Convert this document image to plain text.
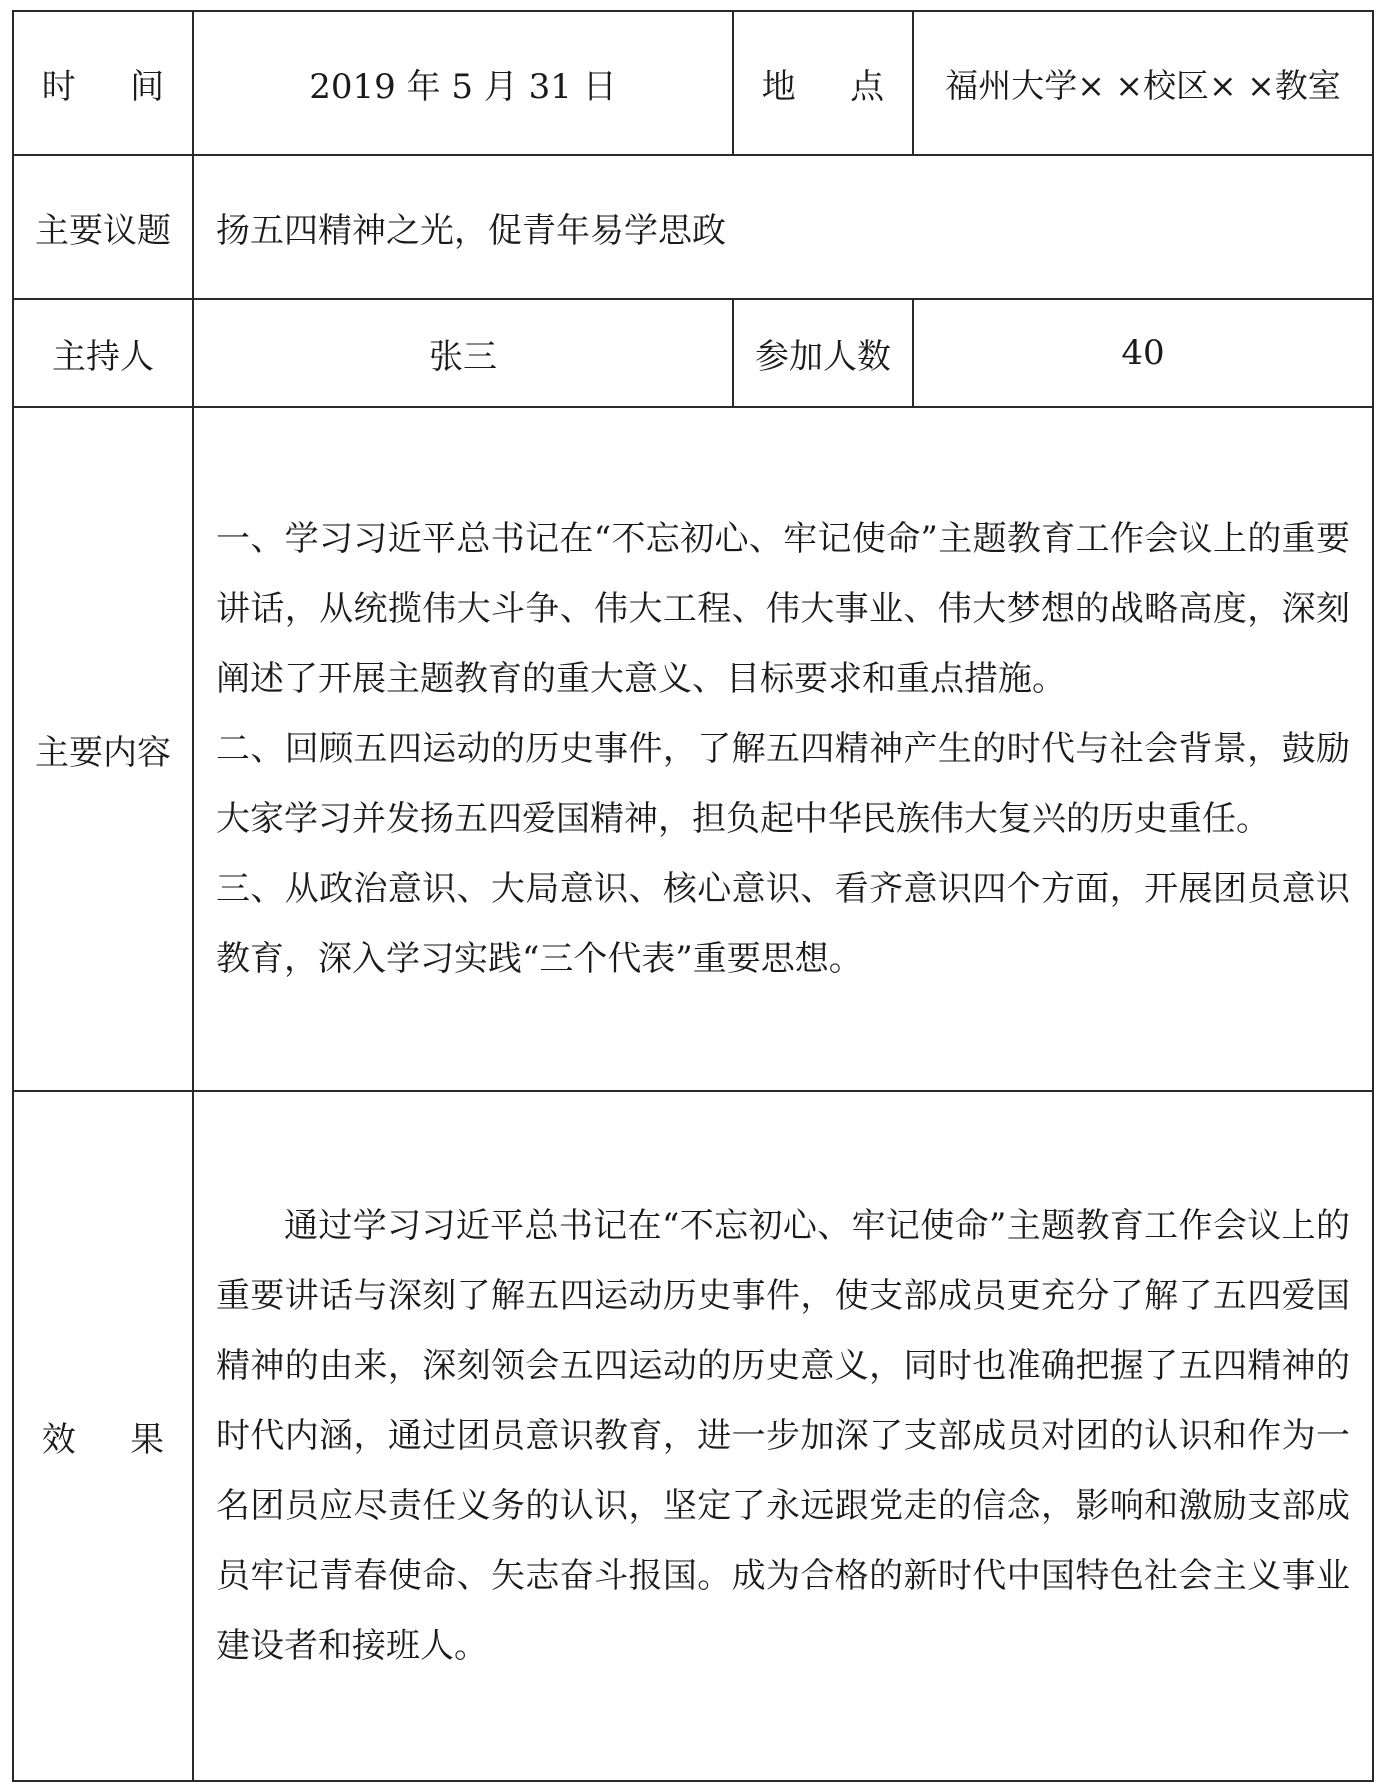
时间	2019 年 5 月 31 日	地点	福州大学× ×校区× ×教室
主要议题	扬五四精神之光，促青年易学思政		
主持人	张三	参加人数	40
主要内容	一、学习习近平总书记在“不忘初心、牢记使命”主题教育工作会议上的重要讲话，从统揽伟大斗争、伟大工程、伟大事业、伟大梦想的战略高度，深刻阐述了开展主题教育的重大意义、目标要求和重点措施。

二、回顾五四运动的历史事件，了解五四精神产生的时代与社会背景，鼓励大家学习并发扬五四爱国精神，担负起中华民族伟大复兴的历史重任。

三、从政治意识、大局意识、核心意识、看齐意识四个方面，开展团员意识教育，深入学习实践“三个代表”重要思想。		

效果	通过学习习近平总书记在“不忘初心、牢记使命”主题教育工作会议上的重要讲话与深刻了解五四运动历史事件，使支部成员更充分了解了五四爱国精神的由来，深刻领会五四运动的历史意义，同时也准确把握了五四精神的时代内涵，通过团员意识教育，进一步加深了支部成员对团的认识和作为一名团员应尽责任义务的认识，坚定了永远跟党走的信念，影响和激励支部成员牢记青春使命、矢志奋斗报国。成为合格的新时代中国特色社会主义事业建设者和接班人。		
